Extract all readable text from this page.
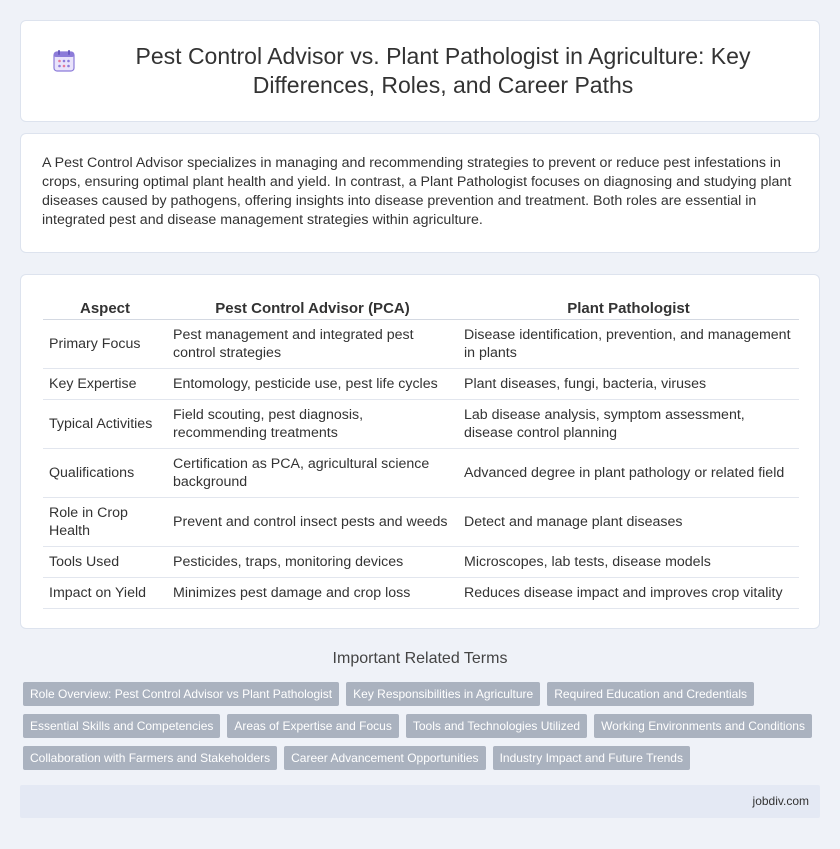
Pest Control Advisor vs. Plant Pathologist in Agriculture: Key Differences, Roles, and Career Paths

A Pest Control Advisor specializes in managing and recommending strategies to prevent or reduce pest infestations in crops, ensuring optimal plant health and yield. In contrast, a Plant Pathologist focuses on diagnosing and studying plant diseases caused by pathogens, offering insights into disease prevention and treatment. Both roles are essential in integrated pest and disease management strategies within agriculture.

Aspect	Pest Control Advisor (PCA)	Plant Pathologist
Primary Focus	Pest management and integrated pest control strategies	Disease identification, prevention, and management in plants
Key Expertise	Entomology, pesticide use, pest life cycles	Plant diseases, fungi, bacteria, viruses
Typical Activities	Field scouting, pest diagnosis, recommending treatments	Lab disease analysis, symptom assessment, disease control planning
Qualifications	Certification as PCA, agricultural science background	Advanced degree in plant pathology or related field
Role in Crop Health	Prevent and control insect pests and weeds	Detect and manage plant diseases
Tools Used	Pesticides, traps, monitoring devices	Microscopes, lab tests, disease models
Impact on Yield	Minimizes pest damage and crop loss	Reduces disease impact and improves crop vitality
Important Related Terms
Role Overview: Pest Control Advisor vs Plant Pathologist	Key Responsibilities in Agriculture	Required Education and Credentials
Essential Skills and Competencies	Areas of Expertise and Focus	Tools and Technologies Utilized	Working Environments and Conditions
Collaboration with Farmers and Stakeholders	Career Advancement Opportunities	Industry Impact and Future Trends
jobdiv.com
